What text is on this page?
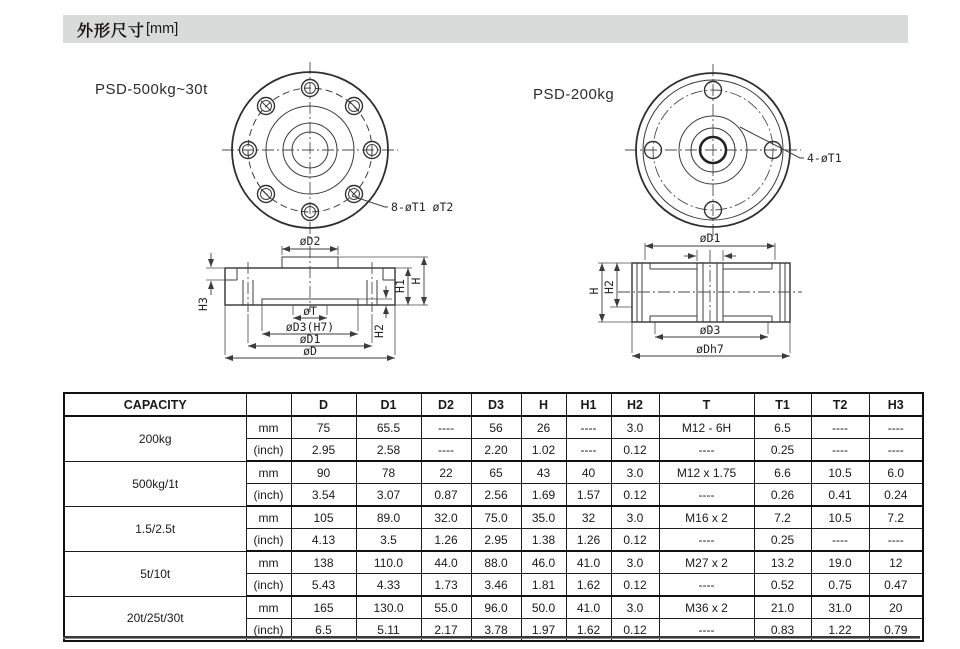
外形尺寸 [mm]
PSD-500kg~30t
8-øT1 øT2
øD2
H3
H1 H
H2
øT
øD3(H7)
øD1
øD
PSD-200kg
4-øT1
øD1
H H2
øD3
øDh7
CAPACITY		D	D1	D2	D3	H	H1	H2	T	T1	T2	H3
200kg	mm	75	65.5	----	56	26	----	3.0	M12 - 6H	6.5	----	----
	(inch)	2.95	2.58	----	2.20	1.02	----	0.12	----	0.25	----	----
500kg/1t	mm	90	78	22	65	43	40	3.0	M12 x 1.75	6.6	10.5	6.0
	(inch)	3.54	3.07	0.87	2.56	1.69	1.57	0.12	----	0.26	0.41	0.24
1.5/2.5t	mm	105	89.0	32.0	75.0	35.0	32	3.0	M16 x 2	7.2	10.5	7.2
	(inch)	4.13	3.5	1.26	2.95	1.38	1.26	0.12	----	0.25	----	----
5t/10t	mm	138	110.0	44.0	88.0	46.0	41.0	3.0	M27 x 2	13.2	19.0	12
	(inch)	5.43	4.33	1.73	3.46	1.81	1.62	0.12	----	0.52	0.75	0.47
20t/25t/30t	mm	165	130.0	55.0	96.0	50.0	41.0	3.0	M36 x 2	21.0	31.0	20
	(inch)	6.5	5.11	2.17	3.78	1.97	1.62	0.12	----	0.83	1.22	0.79
